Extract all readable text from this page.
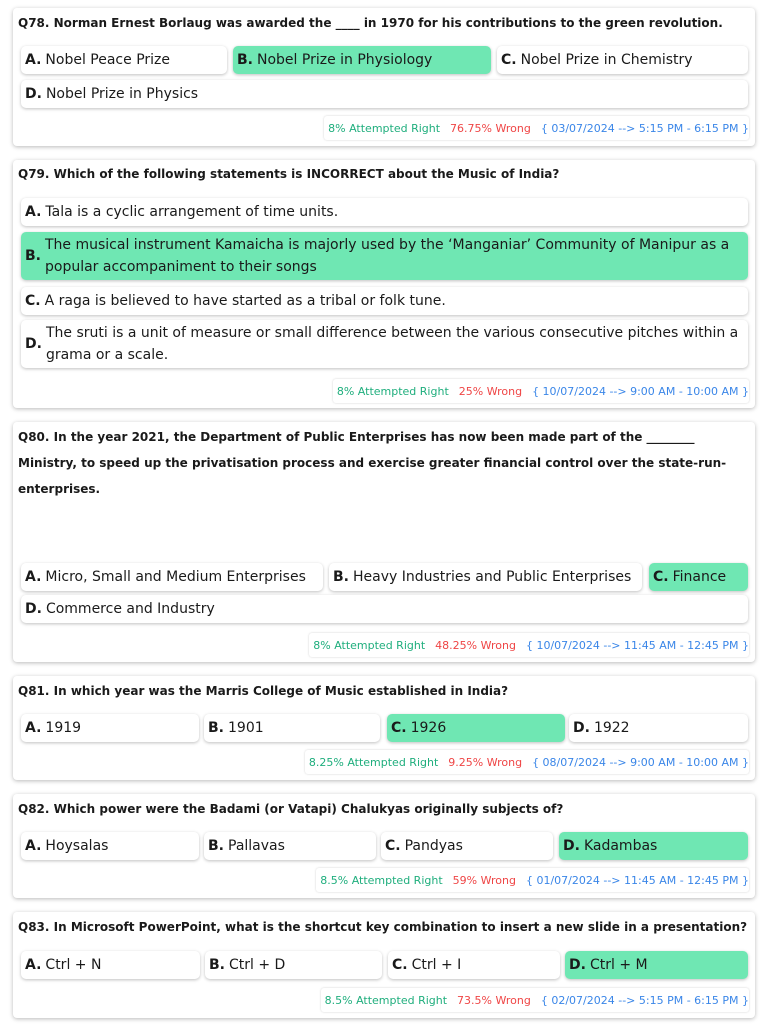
Q78. Norman Ernest Borlaug was awarded the ____ in 1970 for his contributions to the green revolution.
A. Nobel Peace Prize	B. Nobel Prize in Physiology	C. Nobel Prize in Chemistry
D. Nobel Prize in Physics
8% Attempted Right 76.75% Wrong { 03/07/2024 --> 5:15 PM - 6:15 PM }
Q79. Which of the following statements is INCORRECT about the Music of India?
A. Tala is a cyclic arrangement of time units.
B.
The musical instrument Kamaicha is majorly used by the ‘Manganiar’ Community of Manipur as a popular accompaniment to their songs
C. A raga is believed to have started as a tribal or folk tune.
D.
The sruti is a unit of measure or small difference between the various consecutive pitches within a grama or a scale.
8% Attempted Right 25% Wrong { 10/07/2024 --> 9:00 AM - 10:00 AM }
Q80. In the year 2021, the Department of Public Enterprises has now been made part of the ________ Ministry, to speed up the privatisation process and exercise greater financial control over the state-run-enterprises.
A. Micro, Small and Medium Enterprises	B. Heavy Industries and Public Enterprises	C. Finance
D. Commerce and Industry
8% Attempted Right 48.25% Wrong { 10/07/2024 --> 11:45 AM - 12:45 PM }
Q81. In which year was the Marris College of Music established in India?
A. 1919	B. 1901	C. 1926	D. 1922
8.25% Attempted Right 9.25% Wrong { 08/07/2024 --> 9:00 AM - 10:00 AM }
Q82. Which power were the Badami (or Vatapi) Chalukyas originally subjects of?
A. Hoysalas	B. Pallavas	C. Pandyas	D. Kadambas
8.5% Attempted Right 59% Wrong { 01/07/2024 --> 11:45 AM - 12:45 PM }
Q83. In Microsoft PowerPoint, what is the shortcut key combination to insert a new slide in a presentation?
A. Ctrl + N	B. Ctrl + D	C. Ctrl + I	D. Ctrl + M
8.5% Attempted Right 73.5% Wrong { 02/07/2024 --> 5:15 PM - 6:15 PM }
